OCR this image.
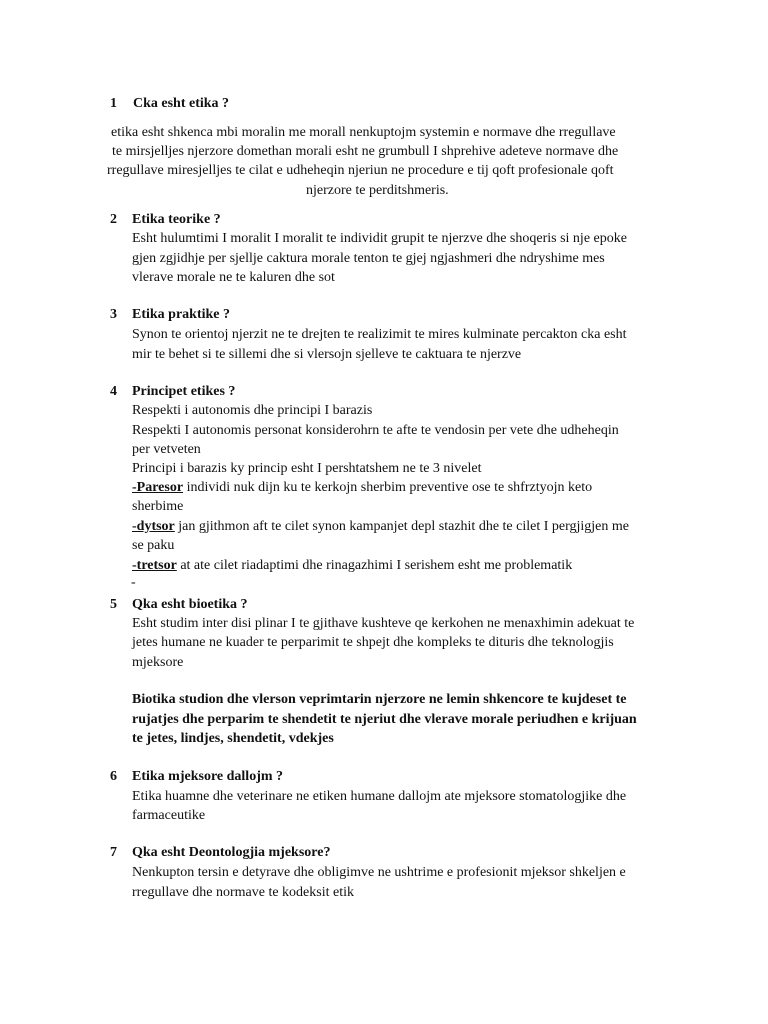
1 Cka esht etika ?
etika esht shkenca mbi moralin me morall nenkuptojm systemin e normave dhe rregullave
te mirsjelljes njerzore domethan morali esht ne grumbull I shprehive adeteve normave dhe
rregullave miresjelljes te cilat e udheheqin njeriun ne procedure e tij qoft profesionale qoft
njerzore te perditshmeris.
2 Etika teorike ?
Esht hulumtimi I moralit I moralit te individit grupit te njerzve dhe shoqeris si nje epoke
gjen zgjidhje per sjellje caktura morale tenton te gjej ngjashmeri dhe ndryshime mes
vlerave morale ne te kaluren dhe sot
3 Etika praktike ?
Synon te orientoj njerzit ne te drejten te realizimit te mires kulminate percakton cka esht
mir te behet si te sillemi dhe si vlersojn sjelleve te caktuara te njerzve
4 Principet etikes ?
Respekti i autonomis dhe principi I barazis
Respekti I autonomis personat konsiderohrn te afte te vendosin per vete dhe udheheqin
per vetveten
Principi i barazis ky princip esht I pershtatshem ne te 3 nivelet
-Paresor individi nuk dijn ku te kerkojn sherbim preventive ose te shfrztyojn keto
sherbime
-dytsor jan gjithmon aft te cilet synon kampanjet depl stazhit dhe te cilet I pergjigjen me
se paku
-tretsor at ate cilet riadaptimi dhe rinagazhimi I serishem esht me problematik
-
5 Qka esht bioetika ?
Esht studim inter disi plinar I te gjithave kushteve qe kerkohen ne menaxhimin adekuat te
jetes humane ne kuader te perparimit te shpejt dhe kompleks te dituris dhe teknologjis
mjeksore
Biotika studion dhe vlerson veprimtarin njerzore ne lemin shkencore te kujdeset te
rujatjes dhe perparim te shendetit te njeriut dhe vlerave morale periudhen e krijuan
te jetes, lindjes, shendetit, vdekjes
6 Etika mjeksore dallojm ?
Etika huamne dhe veterinare ne etiken humane dallojm ate mjeksore stomatologjike dhe
farmaceutike
7 Qka esht Deontologjia mjeksore?
Nenkupton tersin e detyrave dhe obligimve ne ushtrime e profesionit mjeksor shkeljen e
rregullave dhe normave te kodeksit etik
